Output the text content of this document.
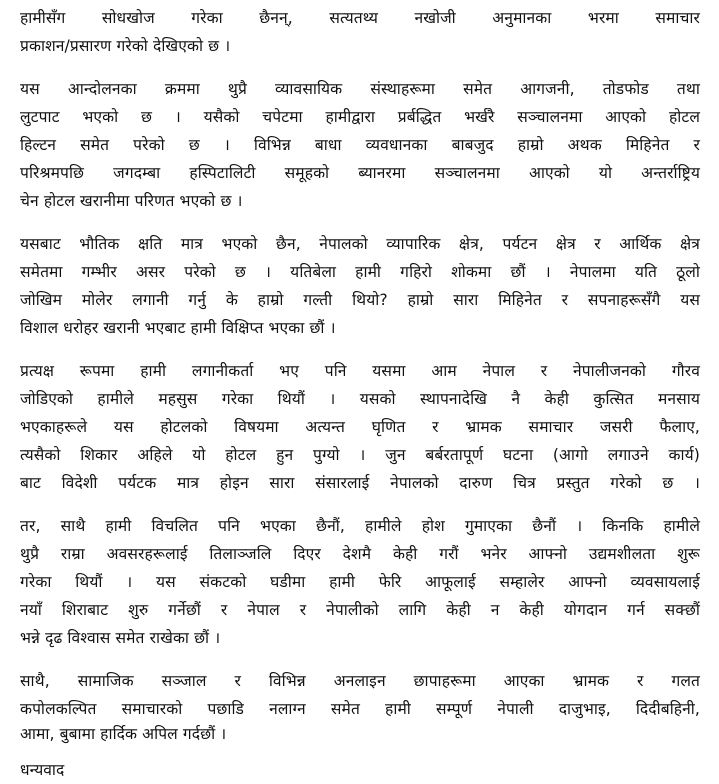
हामीसँग सोधखोज गरेका छैनन्, सत्यतथ्य नखोजी अनुमानका भरमा समाचार
प्रकाशन/प्रसारण गरेको देखिएको छ ।
यस आन्दोलनका क्रममा थुप्रै व्यावसायिक संस्थाहरूमा समेत आगजनी, तोडफोड तथा
लुटपाट भएको छ । यसैको चपेटमा हामीद्वारा प्रर्बद्धित भर्खरै सञ्चालनमा आएको होटल
हिल्टन समेत परेको छ । विभिन्न बाधा व्यवधानका बाबजुद हाम्रो अथक मिहिनेत र
परिश्रमपछि जगदम्बा हस्पिटालिटी समूहको ब्यानरमा सञ्चालनमा आएको यो अन्तर्राष्ट्रिय
चेन होटल खरानीमा परिणत भएको छ ।
यसबाट भौतिक क्षति मात्र भएको छैन, नेपालको व्यापारिक क्षेत्र, पर्यटन क्षेत्र र आर्थिक क्षेत्र
समेतमा गम्भीर असर परेको छ । यतिबेला हामी गहिरो शोकमा छौं । नेपालमा यति ठूलो
जोखिम मोलेर लगानी गर्नु के हाम्रो गल्ती थियो? हाम्रो सारा मिहिनेत र सपनाहरूसँगै यस
विशाल धरोहर खरानी भएबाट हामी विक्षिप्त भएका छौं ।
प्रत्यक्ष रूपमा हामी लगानीकर्ता भए पनि यसमा आम नेपाल र नेपालीजनको गौरव
जोडिएको हामीले महसुस गरेका थियौं । यसको स्थापनादेखि नै केही कुत्सित मनसाय
भएकाहरूले यस होटलको विषयमा अत्यन्त घृणित र भ्रामक समाचार जसरी फैलाए,
त्यसैको शिकार अहिले यो होटल हुन पुग्यो । जुन बर्बरतापूर्ण घटना (आगो लगाउने कार्य)
बाट विदेशी पर्यटक मात्र होइन सारा संसारलाई नेपालको दारुण चित्र प्रस्तुत गरेको छ ।
तर, साथै हामी विचलित पनि भएका छैनौं, हामीले होश गुमाएका छैनौं । किनकि हामीले
थुप्रै राम्रा अवसरहरूलाई तिलाञ्जलि दिएर देशमै केही गरौं भनेर आफ्नो उद्यमशीलता शुरू
गरेका थियौं । यस संकटको घडीमा हामी फेरि आफूलाई सम्हालेर आफ्नो व्यवसायलाई
नयाँ शिराबाट शुरु गर्नेछौं र नेपाल र नेपालीको लागि केही न केही योगदान गर्न सक्छौं
भन्ने दृढ विश्वास समेत राखेका छौं ।
साथै, सामाजिक सञ्जाल र विभिन्न अनलाइन छापाहरूमा आएका भ्रामक र गलत
कपोलकल्पित समाचारको पछाडि नलाग्न समेत हामी सम्पूर्ण नेपाली दाजुभाइ, दिदीबहिनी,
आमा, बुबामा हार्दिक अपिल गर्दछौं ।
धन्यवाद
